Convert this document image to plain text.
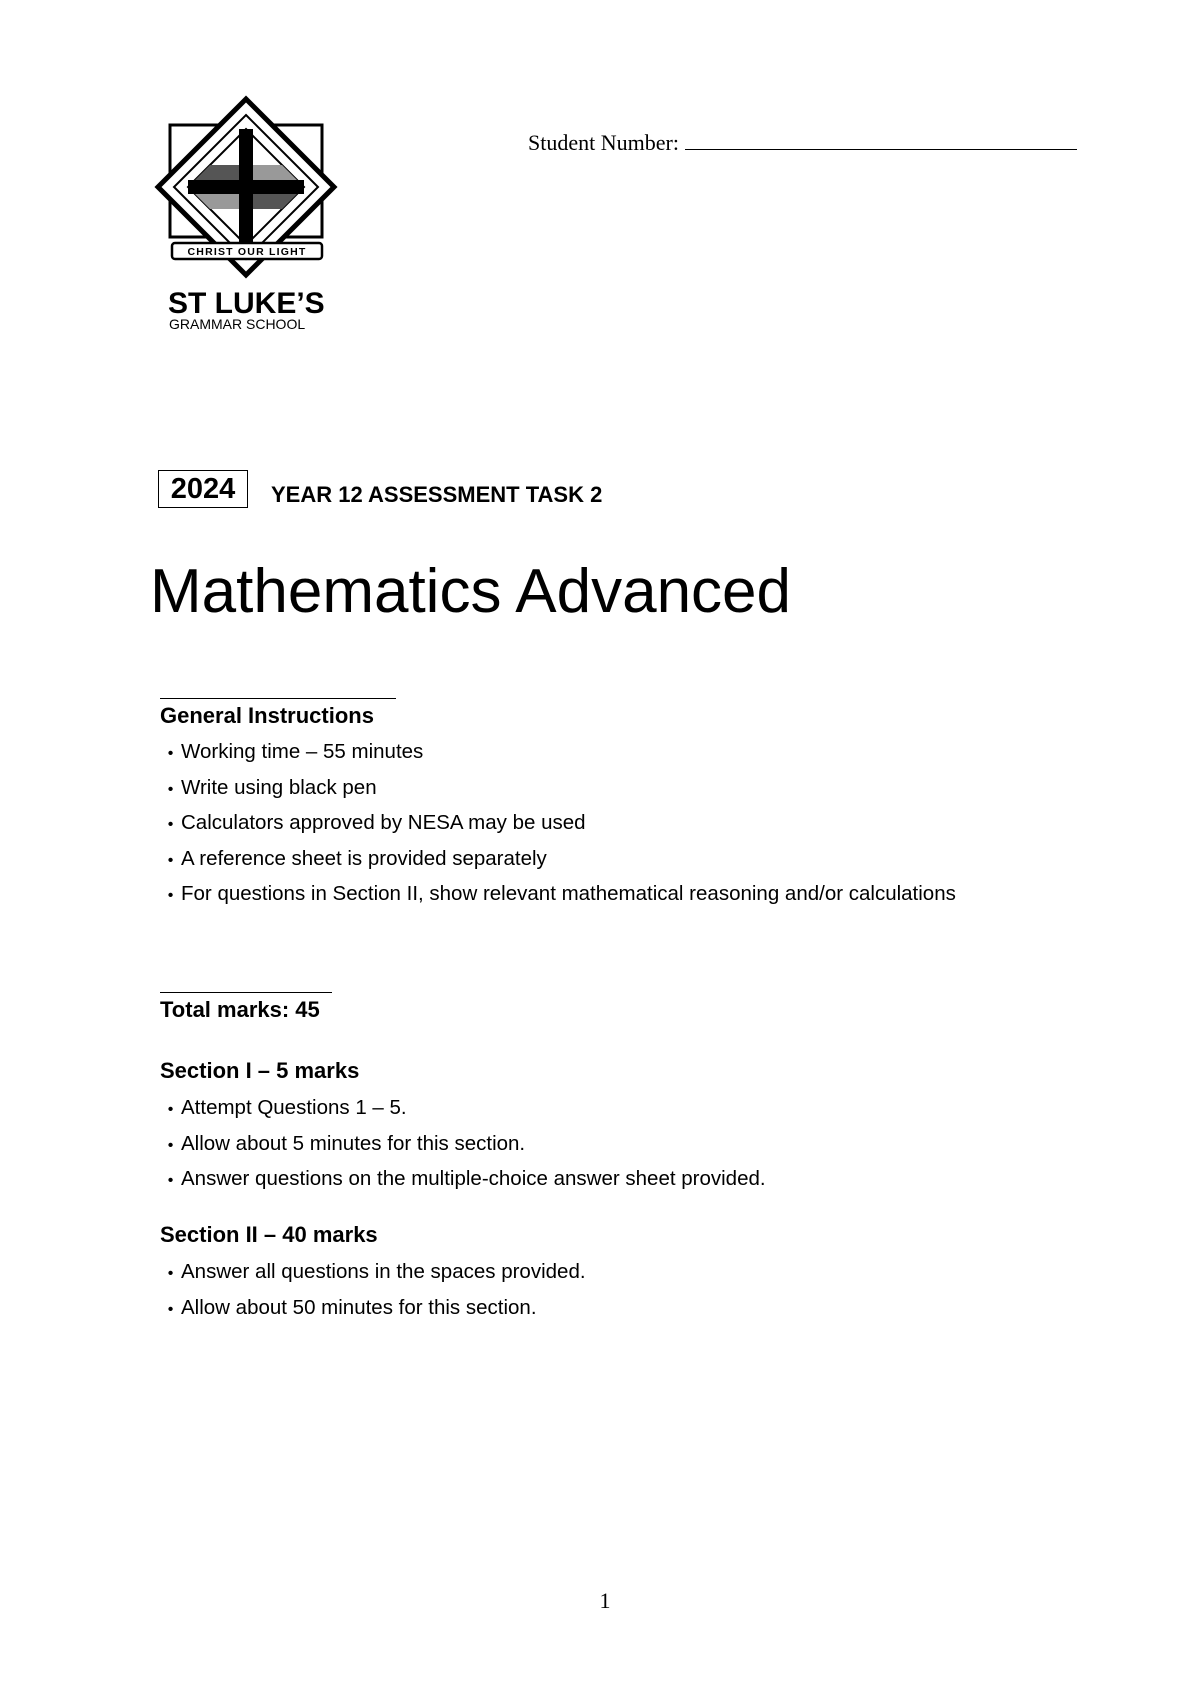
CHRIST OUR LIGHT
ST LUKE’S
GRAMMAR SCHOOL
Student Number:
2024	YEAR 12 ASSESSMENT TASK 2
Mathematics Advanced
General Instructions
• Working time – 55 minutes
• Write using black pen
• Calculators approved by NESA may be used
• A reference sheet is provided separately
• For questions in Section II, show relevant mathematical reasoning and/or calculations
Total marks: 45
Section I – 5 marks
• Attempt Questions 1 – 5.
• Allow about 5 minutes for this section.
• Answer questions on the multiple-choice answer sheet provided.
Section II – 40 marks
• Answer all questions in the spaces provided.
• Allow about 50 minutes for this section.
1
